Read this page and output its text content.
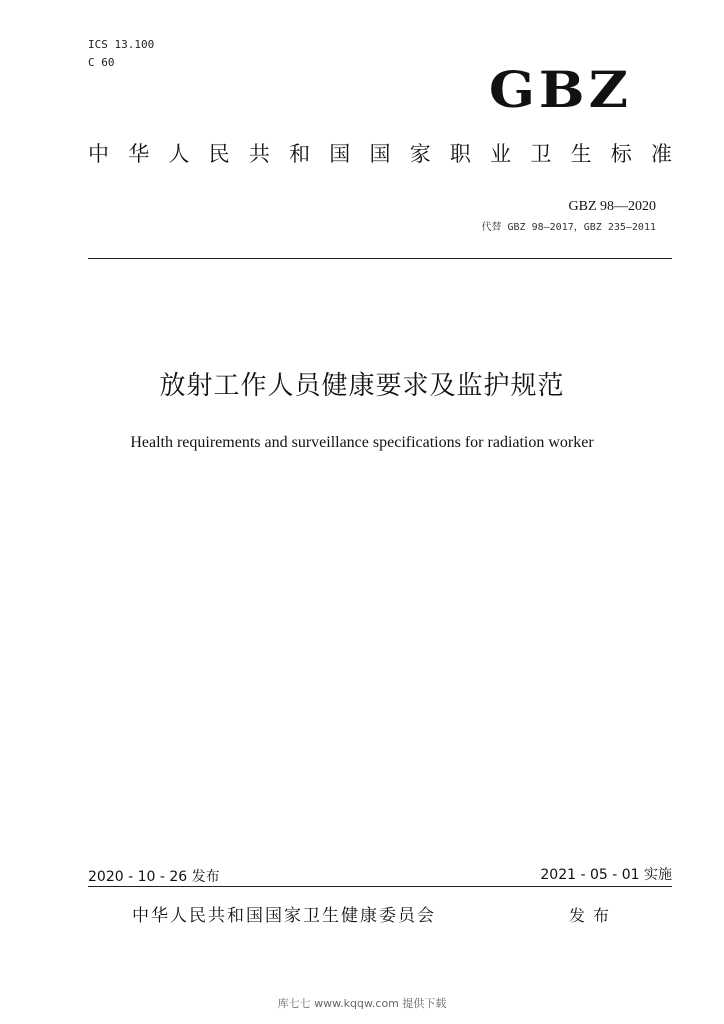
ICS 13.100
C 60	GBZ
中华人民共和国国家职业卫生标准
GBZ 98—2020
代替 GBZ 98—2017，GBZ 235—2011
放射工作人员健康要求及监护规范
Health requirements and surveillance specifications for radiation worker
2020 - 10 - 26 发布	2021 - 05 - 01 实施
中华人民共和国国家卫生健康委员会	发布
库七七 www.kqqw.com 提供下载
